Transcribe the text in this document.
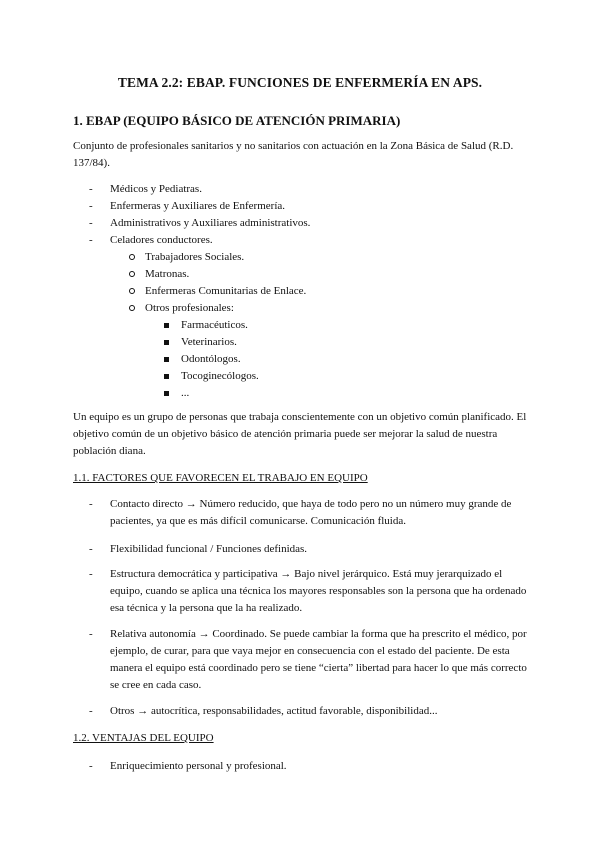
TEMA 2.2: EBAP. FUNCIONES DE ENFERMERÍA EN APS.
1. EBAP (EQUIPO BÁSICO DE ATENCIÓN PRIMARIA)
Conjunto de profesionales sanitarios y no sanitarios con actuación en la Zona Básica de Salud (R.D. 137/84).
- Médicos y Pediatras.
- Enfermeras y Auxiliares de Enfermería.
- Administrativos y Auxiliares administrativos.
- Celadores conductores.
Trabajadores Sociales.
Matronas.
Enfermeras Comunitarias de Enlace.
Otros profesionales:
Farmacéuticos.
Veterinarios.
Odontólogos.
Tocoginecólogos.
...
Un equipo es un grupo de personas que trabaja conscientemente con un objetivo común planificado. El objetivo común de un objetivo básico de atención primaria puede ser mejorar la salud de nuestra población diana.
1.1. FACTORES QUE FAVORECEN EL TRABAJO EN EQUIPO
- Contacto directo → Número reducido, que haya de todo pero no un número muy grande de pacientes, ya que es más difícil comunicarse. Comunicación fluida.
- Flexibilidad funcional / Funciones definidas.
- Estructura democrática y participativa → Bajo nivel jerárquico. Está muy jerarquizado el equipo, cuando se aplica una técnica los mayores responsables son la persona que ha ordenado esa técnica y la persona que la ha realizado.
- Relativa autonomía → Coordinado. Se puede cambiar la forma que ha prescrito el médico, por ejemplo, de curar, para que vaya mejor en consecuencia con el estado del paciente. De esta manera el equipo está coordinado pero se tiene “cierta” libertad para hacer lo que más correcto se cree en cada caso.
- Otros → autocrítica, responsabilidades, actitud favorable, disponibilidad...
1.2. VENTAJAS DEL EQUIPO
- Enriquecimiento personal y profesional.
